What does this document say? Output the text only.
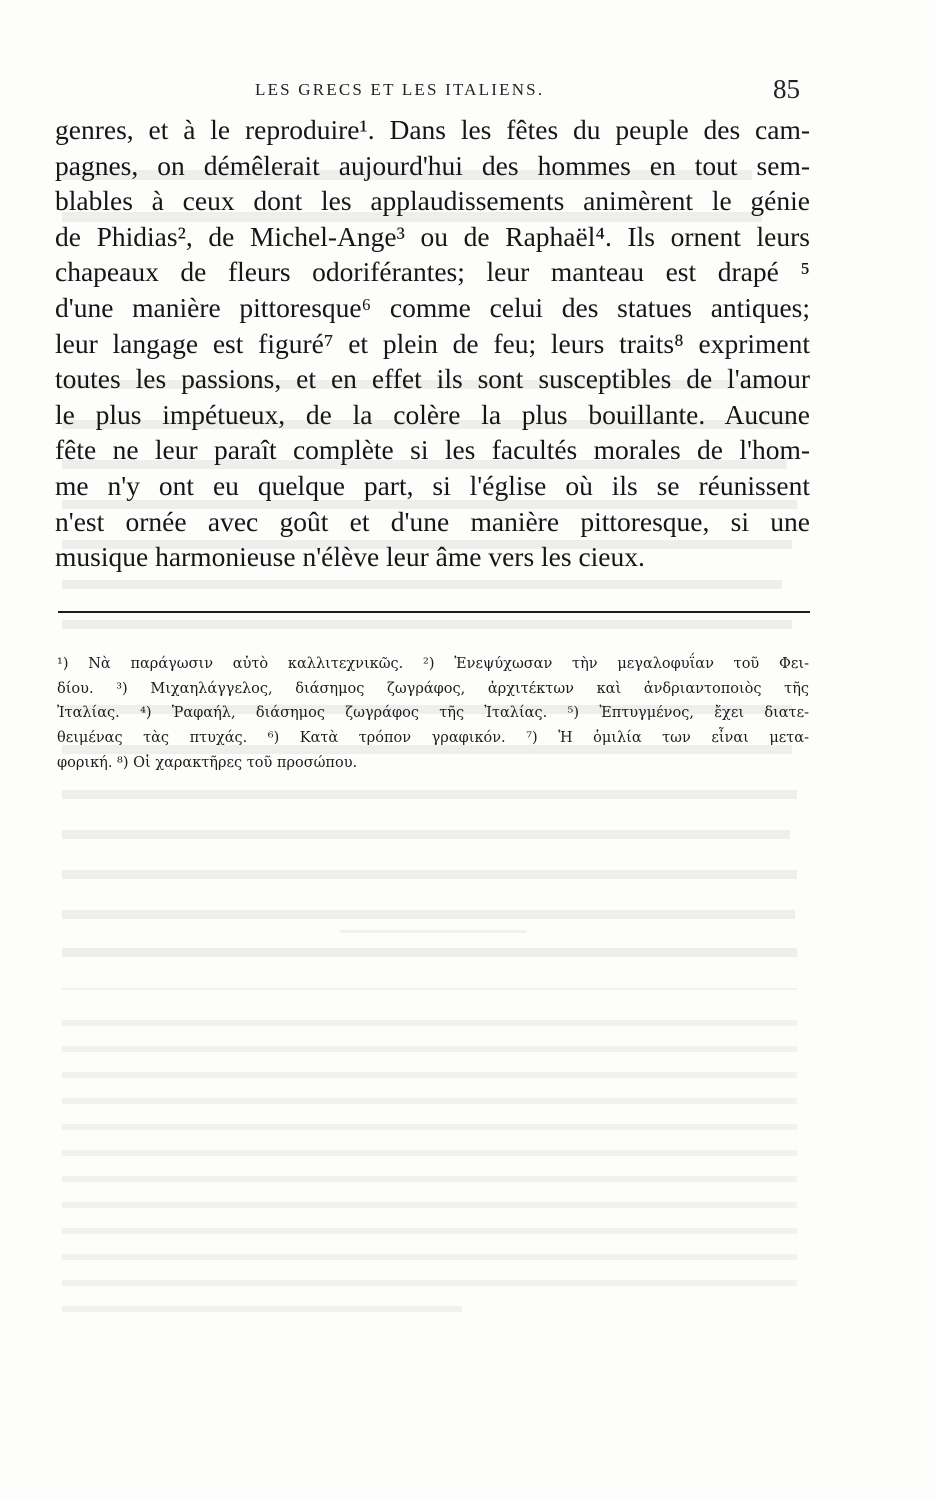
LES GRECS ET LES ITALIENS.	85
genres, et à le reproduire¹. Dans les fêtes du peuple des cam-
pagnes, on démêlerait aujourd'hui des hommes en tout sem-
blables à ceux dont les applaudissements animèrent le génie
de Phidias², de Michel-Ange³ ou de Raphaël⁴. Ils ornent leurs
chapeaux de fleurs odoriférantes; leur manteau est drapé ⁵
d'une manière pittoresque⁶ comme celui des statues antiques;
leur langage est figuré⁷ et plein de feu; leurs traits⁸ expriment
toutes les passions, et en effet ils sont susceptibles de l'amour
le plus impétueux, de la colère la plus bouillante. Aucune
fête ne leur paraît complète si les facultés morales de l'hom-
me n'y ont eu quelque part, si l'église où ils se réunissent
n'est ornée avec goût et d'une manière pittoresque, si une
musique harmonieuse n'élève leur âme vers les cieux.
¹) Νὰ παράγωσιν αὐτὸ καλλιτεχνικῶς. ²) Ἐνεψύχωσαν τὴν μεγαλοφυΐαν τοῦ Φει-
δίου. ³) Μιχαηλάγγελος, διάσημος ζωγράφος, ἀρχιτέκτων καὶ ἀνδριαντοποιὸς τῆς
Ἰταλίας. ⁴) Ῥαφαήλ, διάσημος ζωγράφος τῆς Ἰταλίας. ⁵) Ἐπτυγμένος, ἔχει διατε-
θειμένας τὰς πτυχάς. ⁶) Κατὰ τρόπον γραφικόν. ⁷) Ἡ ὁμιλία των εἶναι μετα-
φορική. ⁸) Οἱ χαρακτῆρες τοῦ προσώπου.
